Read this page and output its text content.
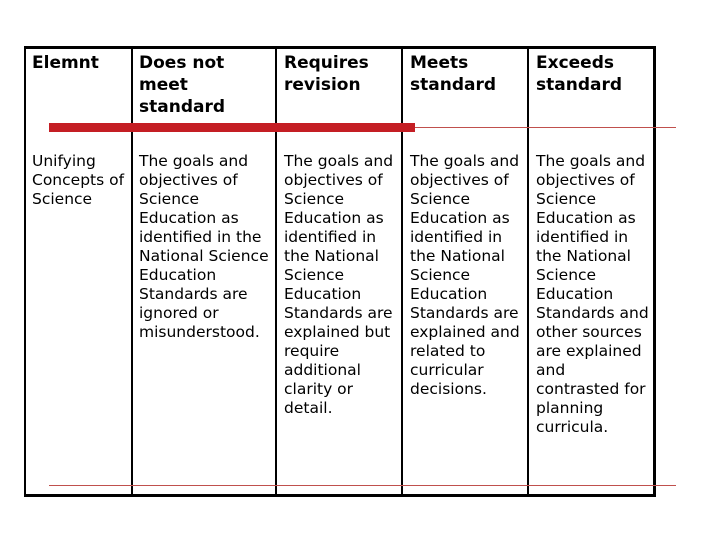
Elemnt	Does not meet standard
Requires revision
Meets standard
Exceeds standard
Unifying Concepts of Science
The goals and objectives of Science Education as identified in the National Science Education Standards are ignored or misunderstood.
The goals and objectives of Science Education as identified in the National Science Education Standards are explained but require additional clarity or detail.
The goals and objectives of Science Education as identified in the National Science Education Standards are explained and related to curricular decisions.
The goals and objectives of Science Education as identified in the National Science Education Standards and other sources are explained and contrasted for planning curricula.
